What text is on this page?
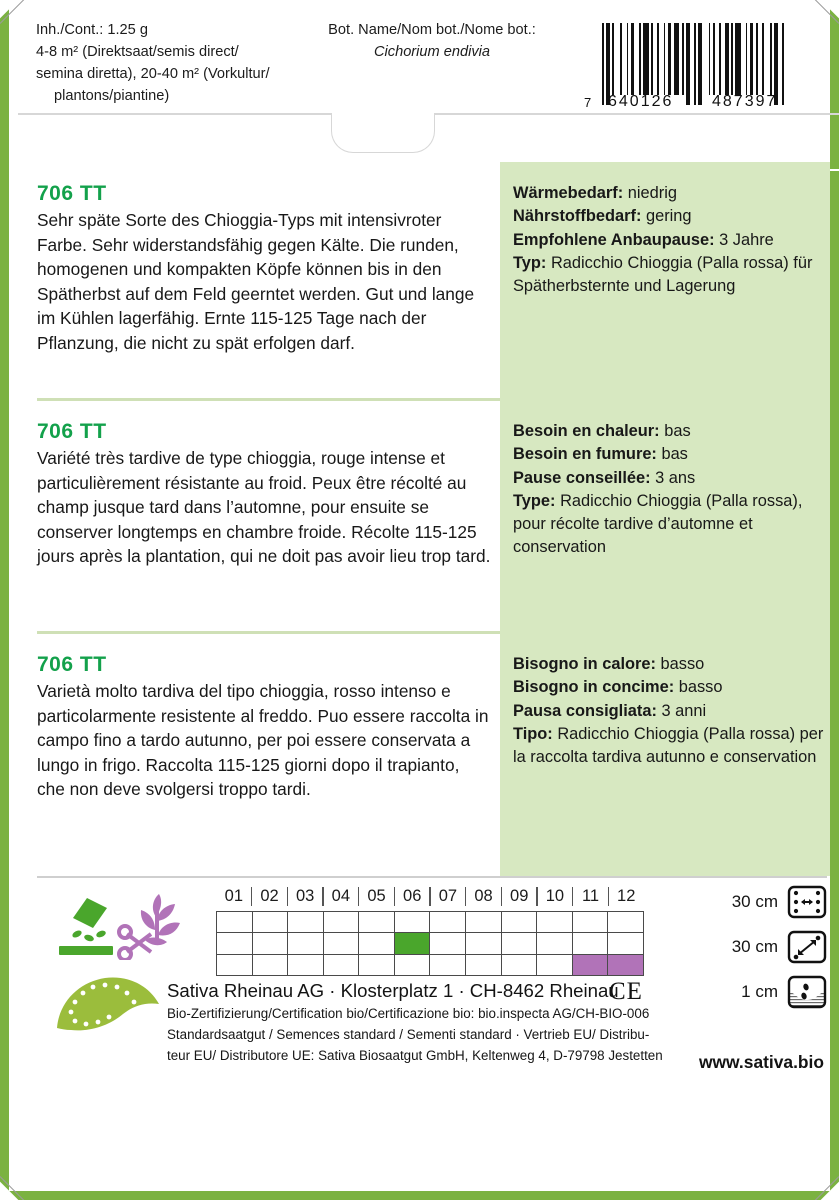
Inh./Cont.: 1.25 g
4-8 m² (Direktsaat/semis direct/
semina diretta), 20-40 m² (Vorkultur/
plantons/piantine)
Bot. Name/Nom bot./Nome bot.:
Cichorium endivia
7 640126 487397
706 TT
Sehr späte Sorte des Chioggia-Typs mit intensivroter Farbe. Sehr widerstandsfähig gegen Kälte. Die runden, homogenen und kompakten Köpfe können bis in den Spätherbst auf dem Feld geerntet werden. Gut und lange im Kühlen lagerfähig. Ernte 115-125 Tage nach der Pflanzung, die nicht zu spät erfolgen darf.
Wärmebedarf: niedrig
Nährstoffbedarf: gering
Empfohlene Anbaupause: 3 Jahre
Typ: Radicchio Chioggia (Palla rossa) für Spätherbsternte und Lagerung
706 TT
Variété très tardive de type chioggia, rouge intense et particulièrement résistante au froid. Peux être récolté au champ jusque tard dans l’automne, pour ensuite se conserver longtemps en chambre froide. Récolte 115-125 jours après la plantation, qui ne doit pas avoir lieu trop tard.
Besoin en chaleur: bas
Besoin en fumure: bas
Pause conseillée: 3 ans
Type: Radicchio Chioggia (Palla rossa), pour récolte tardive d’automne et conservation
706 TT
Varietà molto tardiva del tipo chioggia, rosso intenso e particolarmente resistente al freddo. Puo essere raccolta in campo fino a tardo autunno, per poi essere conservata a lungo in frigo. Raccolta 115-125 giorni dopo il trapianto, che non deve svolgersi troppo tardi.
Bisogno in calore: basso
Bisogno in concime: basso
Pausa consigliata: 3 anni
Tipo: Radicchio Chioggia (Palla rossa) per la raccolta tardiva autunno e conservation
01	02	03	04	05	06	07	08	09	10	11	12
Sativa Rheinau AG · Klosterplatz 1 · CH-8462 Rheinau
Bio-Zertifizierung/Certification bio/Certificazione bio: bio.inspecta AG/CH-BIO-006
Standardsaatgut / Semences standard / Sementi standard · Vertrieb EU/ Distribu-
teur EU/ Distributore UE: Sativa Biosaatgut GmbH, Keltenweg 4, D-79798 Jestetten
CE
30 cm
30 cm
1 cm
www.sativa.bio
